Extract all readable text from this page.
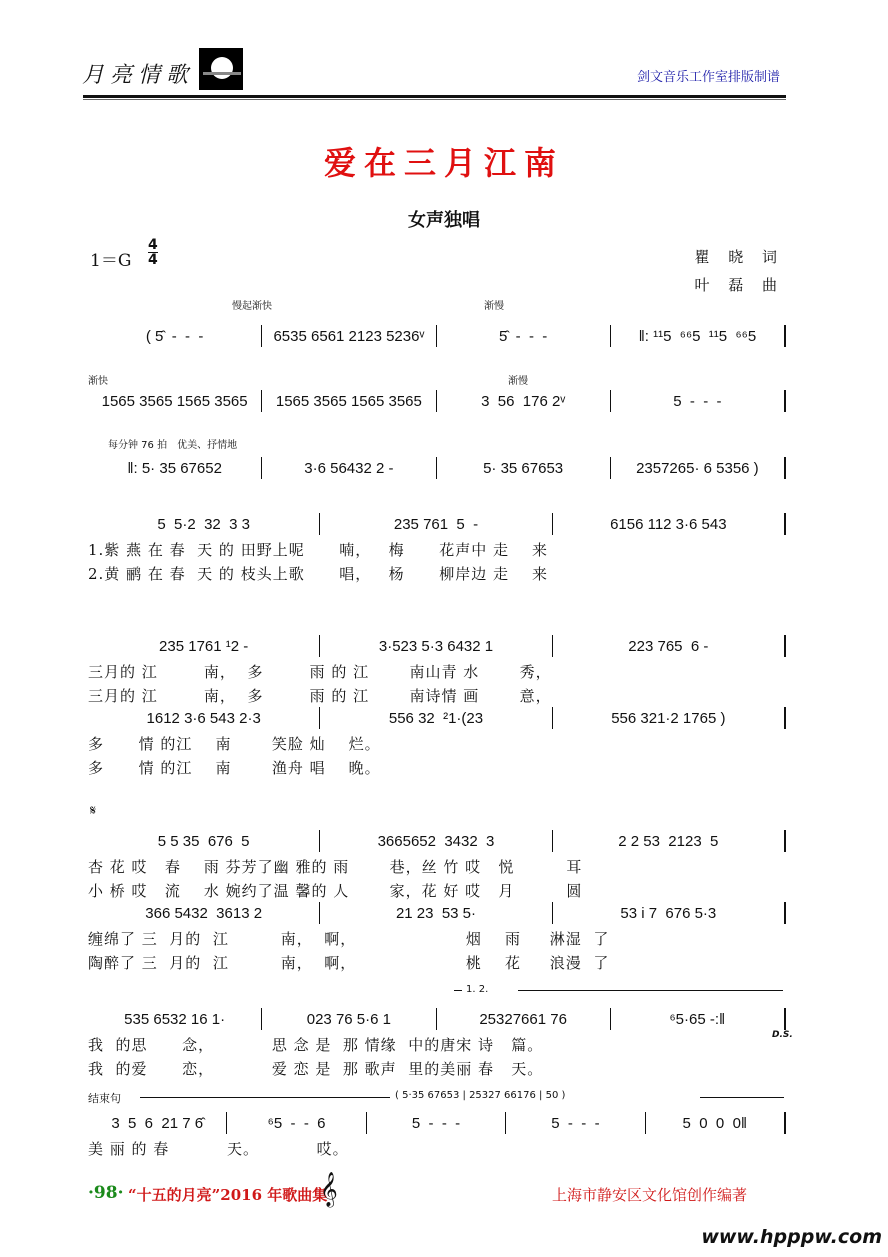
月亮情歌	剑文音乐工作室排版制谱
爱在三月江南
女声独唱
1＝G
4
4	瞿 晓 词
叶 磊 曲
慢起渐快	渐慢
渐快	渐慢
每分钟 76 拍　优美、抒情地
𝄋
1. 2.
D.S.
结束句	( 5·35 67653 | 25327 66176 | 50 )
( 5̂  -  -  -	6535 6561 2123 5236ᵛ	5̂  -  -  -	‖: ¹¹5  ⁶⁶5  ¹¹5  ⁶⁶5
1565 3565 1565 3565	1565 3565 1565 3565	3  56  176 2ᵛ	5  -  -  -
‖: 5· 35 67652	3·6 56432 2 -	5· 35 67653	2357265· 6 5356 )
5  5·2  32  3 3	235 761  5  -	6156 112 3·6 543
1.紫 燕 在 春  天 的 田野上呢      喃，   梅      花声中 走    来
2.黄 鹂 在 春  天 的 枝头上歌      唱，   杨      柳岸边 走    来
235 1761 ¹2 -	3·523 5·3 6432 1	223 765  6 -
三月的 江        南，  多        雨 的 江       南山青 水       秀，
三月的 江        南，  多        雨 的 江       南诗情 画       意，
1612 3·6 543 2·3	556 32  ²1·(23	556 321·2 1765 )
多      情 的江    南       笑脸 灿    烂。
多      情 的江    南       渔舟 唱    晚。
5 5 35  676  5	3665652  3432  3	2 2 53  2123  5
杏 花 哎   春    雨 芬芳了幽 雅的 雨       巷，丝 竹 哎   悦         耳
小 桥 哎   流    水 婉约了温 馨的 人       家，花 好 哎   月         圆
366 5432  3613 2	21 23  53 5·	53 i 7  676 5·3
缠绵了 三  月的  江         南，  啊，                   烟    雨     淋湿  了
陶醉了 三  月的  江         南，  啊，                   桃    花     浪漫  了
535 6532 16 1·	023 76 5·6 1	25327661 76	⁶5·65 -:‖
我  的思      念，          思 念 是  那 情缘  中的唐宋 诗   篇。
我  的爱      恋，          爱 恋 是  那 歌声  里的美丽 春   天。
3  5  6  21 7 6̂	⁶5  -  -  6	5  -  -  -	5  -  -  -	5  0  0  0‖
美 丽 的 春          天。          哎。
·98· “十五的月亮”2016 年歌曲集
𝄞	上海市静安区文化馆创作编著
www.hpppw.com
